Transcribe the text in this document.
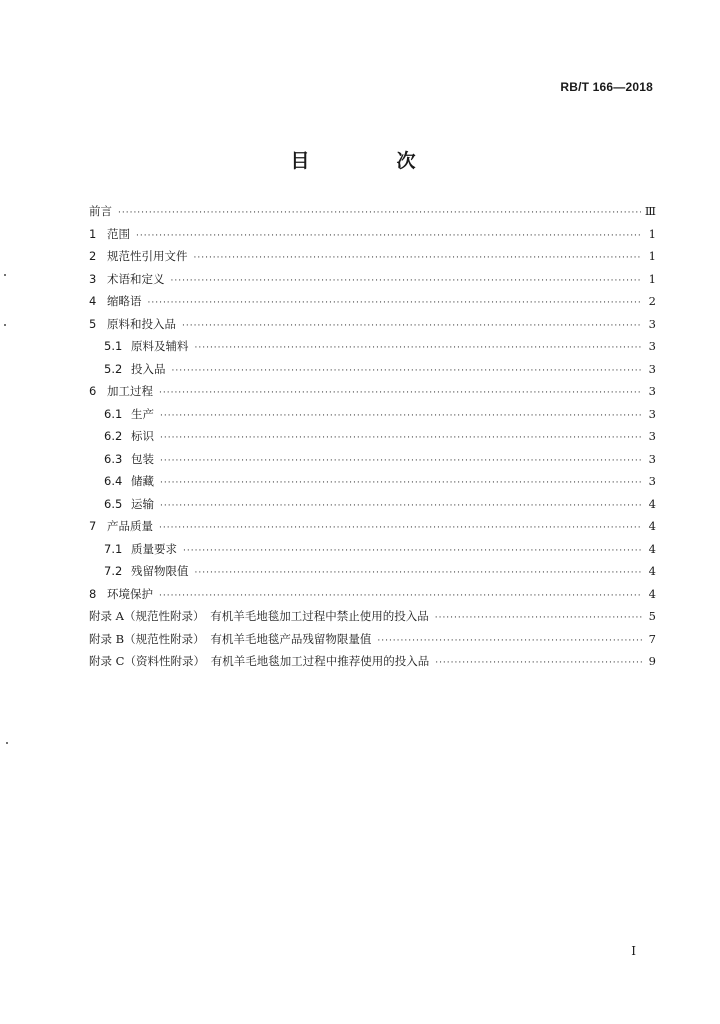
RB/T 166—2018
目　次
前言 ·····	Ⅲ
1 范围 ·····	1
2 规范性引用文件 ·····	1
3 术语和定义 ·····	1
4 缩略语 ·····	2
5 原料和投入品 ·····	3
5.1 原料及辅料 ·····	3
5.2 投入品 ·····	3
6 加工过程 ·····	3
6.1 生产 ·····	3
6.2 标识 ·····	3
6.3 包装 ·····	3
6.4 储藏 ·····	3
6.5 运输 ·····	4
7 产品质量 ·····	4
7.1 质量要求 ·····	4
7.2 残留物限值 ·····	4
8 环境保护 ·····	4
附录 A（规范性附录）　有机羊毛地毯加工过程中禁止使用的投入品 ·····	5
附录 B（规范性附录）　有机羊毛地毯产品残留物限量值 ·····	7
附录 C（资料性附录）　有机羊毛地毯加工过程中推荐使用的投入品 ·····	9
Ⅰ
